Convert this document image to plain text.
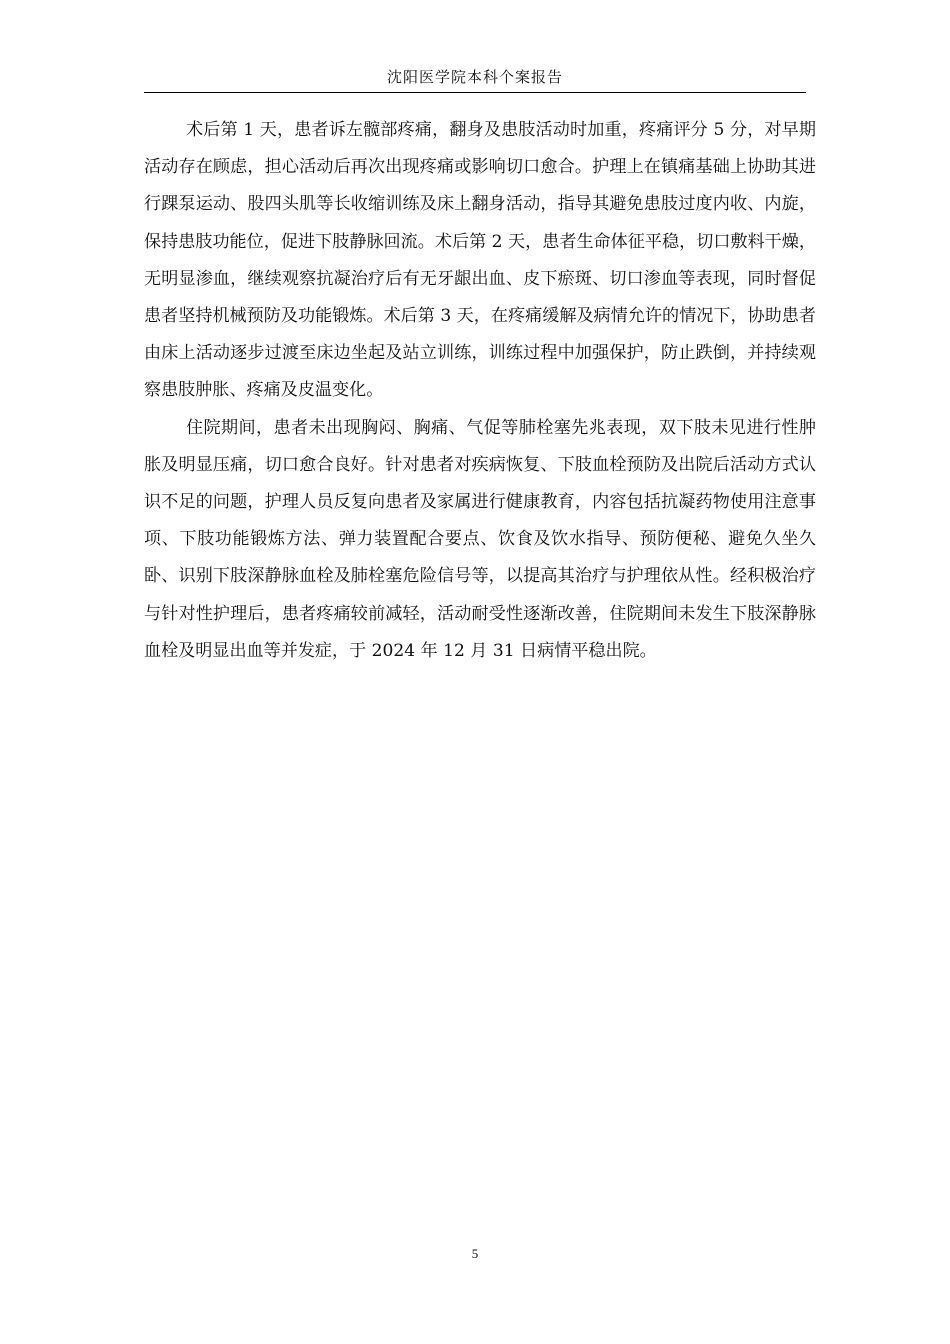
沈阳医学院本科个案报告

术后第 1 天，患者诉左髋部疼痛，翻身及患肢活动时加重，疼痛评分 5 分，对早期活动存在顾虑，担心活动后再次出现疼痛或影响切口愈合。护理上在镇痛基础上协助其进行踝泵运动、股四头肌等长收缩训练及床上翻身活动，指导其避免患肢过度内收、内旋，保持患肢功能位，促进下肢静脉回流。术后第 2 天，患者生命体征平稳，切口敷料干燥，无明显渗血，继续观察抗凝治疗后有无牙龈出血、皮下瘀斑、切口渗血等表现，同时督促患者坚持机械预防及功能锻炼。术后第 3 天，在疼痛缓解及病情允许的情况下，协助患者由床上活动逐步过渡至床边坐起及站立训练，训练过程中加强保护，防止跌倒，并持续观察患肢肿胀、疼痛及皮温变化。

住院期间，患者未出现胸闷、胸痛、气促等肺栓塞先兆表现，双下肢未见进行性肿胀及明显压痛，切口愈合良好。针对患者对疾病恢复、下肢血栓预防及出院后活动方式认识不足的问题，护理人员反复向患者及家属进行健康教育，内容包括抗凝药物使用注意事项、下肢功能锻炼方法、弹力装置配合要点、饮食及饮水指导、预防便秘、避免久坐久卧、识别下肢深静脉血栓及肺栓塞危险信号等，以提高其治疗与护理依从性。经积极治疗与针对性护理后，患者疼痛较前减轻，活动耐受性逐渐改善，住院期间未发生下肢深静脉血栓及明显出血等并发症，于 2024 年 12 月 31 日病情平稳出院。

5
